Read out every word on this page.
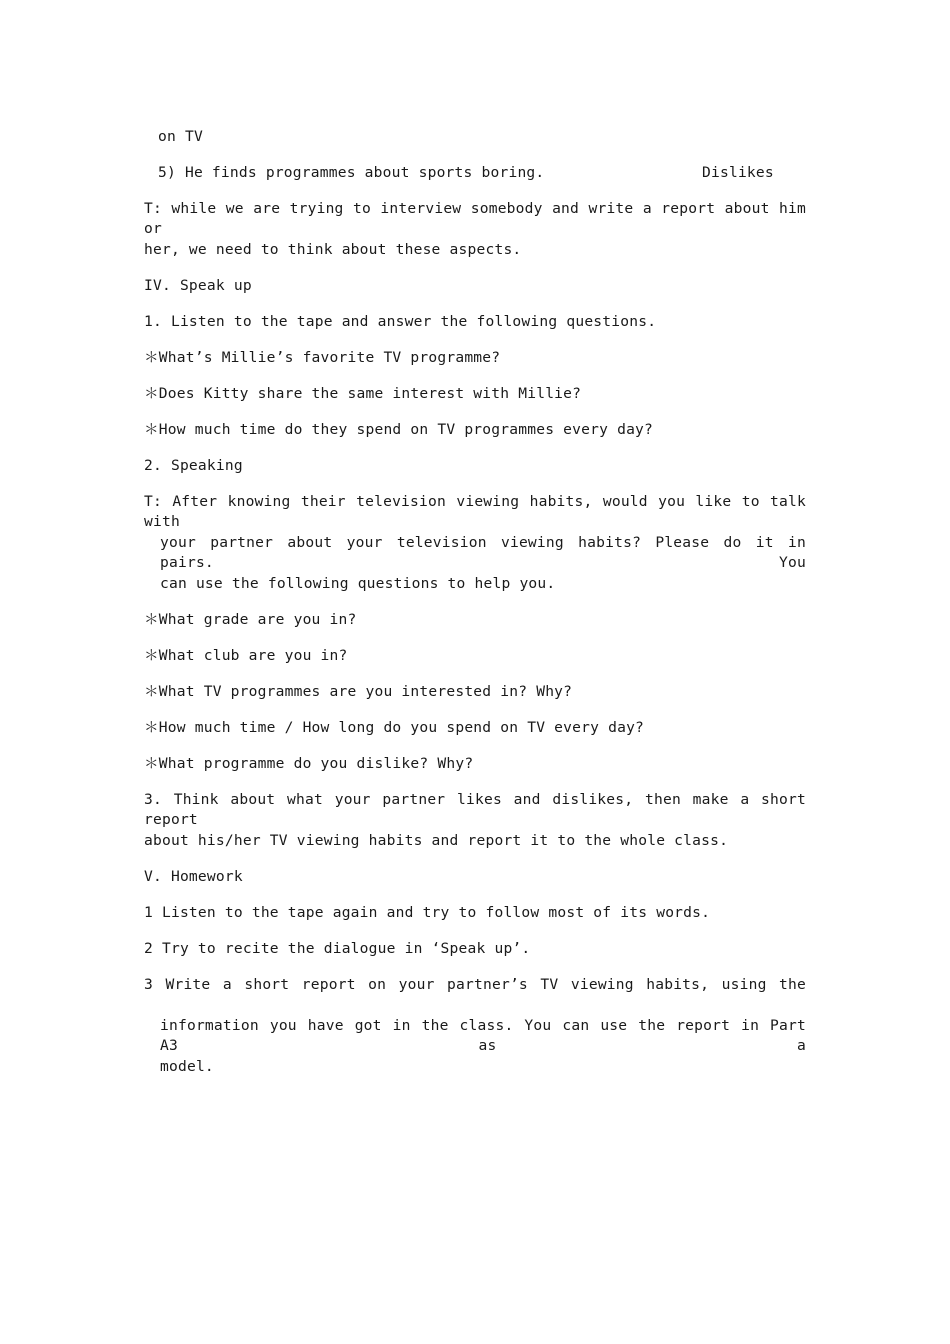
on TV
5) He finds programmes about sports boring.	Dislikes
T: while we are trying to interview somebody and write a report about him or
her, we need to think about these aspects.
IV. Speak up
1. Listen to the tape and answer the following questions.
＊What’s Millie’s favorite TV programme?
＊Does Kitty share the same interest with Millie?
＊How much time do they spend on TV programmes every day?
2. Speaking
T: After knowing their television viewing habits, would you like to talk with
your partner about your television viewing habits? Please do it in pairs. You
can use the following questions to help you.
＊What grade are you in?
＊What club are you in?
＊What TV programmes are you interested in? Why?
＊How much time / How long do you spend on TV every day?
＊What programme do you dislike? Why?
3. Think about what your partner likes and dislikes, then make a short report
about his/her TV viewing habits and report it to the whole class.
V. Homework
1 Listen to the tape again and try to follow most of its words.
2 Try to recite the dialogue in ‘Speak up’.
3 Write a short report on your partner’s TV viewing habits, using the
information you have got in the class. You can use the report in Part A3 as a
model.
